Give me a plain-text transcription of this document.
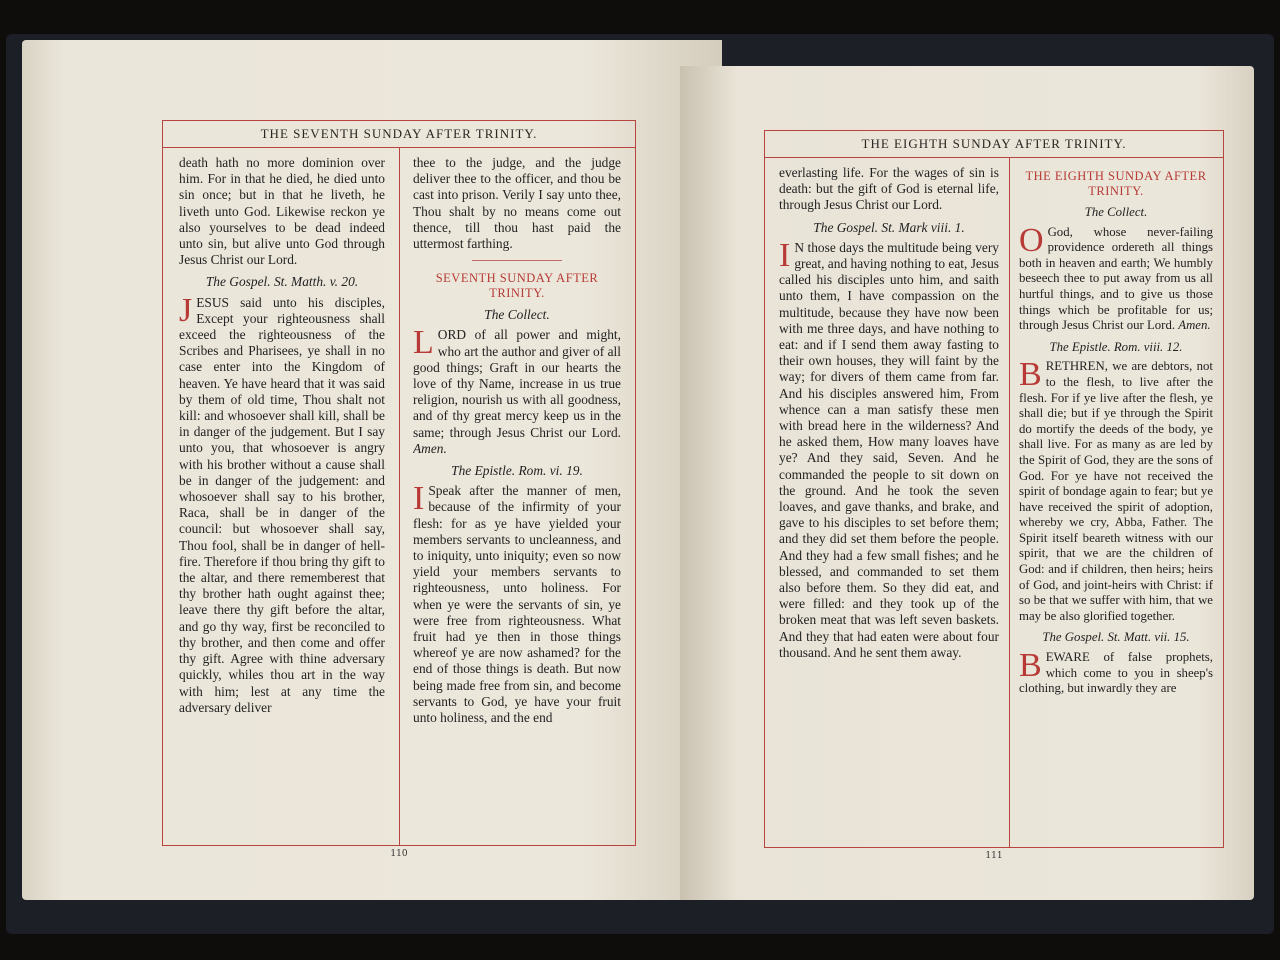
THE SEVENTH SUNDAY AFTER TRINITY.

death hath no more dominion over him. For in that he died, he died unto sin once; but in that he liveth, he liveth unto God. Likewise reckon ye also yourselves to be dead indeed unto sin, but alive unto God through Jesus Christ our Lord.

The Gospel. St. Matth. v. 20.

J ESUS said unto his disciples, Except your righteousness shall exceed the righteousness of the Scribes and Pharisees, ye shall in no case enter into the Kingdom of heaven. Ye have heard that it was said by them of old time, Thou shalt not kill: and whosoever shall kill, shall be in danger of the judgement. But I say unto you, that whosoever is angry with his brother without a cause shall be in danger of the judgement: and whosoever shall say to his brother, Raca, shall be in danger of the council: but whosoever shall say, Thou fool, shall be in danger of hell-fire. Therefore if thou bring thy gift to the altar, and there rememberest that thy brother hath ought against thee; leave there thy gift before the altar, and go thy way, first be reconciled to thy brother, and then come and offer thy gift. Agree with thine adversary quickly, whiles thou art in the way with him; lest at any time the adversary deliver

thee to the judge, and the judge deliver thee to the officer, and thou be cast into prison. Verily I say unto thee, Thou shalt by no means come out thence, till thou hast paid the uttermost farthing.

SEVENTH SUNDAY AFTER TRINITY.
The Collect.

L ORD of all power and might, who art the author and giver of all good things; Graft in our hearts the love of thy Name, increase in us true religion, nourish us with all goodness, and of thy great mercy keep us in the same; through Jesus Christ our Lord. Amen.

The Epistle. Rom. vi. 19.

I Speak after the manner of men, because of the infirmity of your flesh: for as ye have yielded your members servants to uncleanness, and to iniquity, unto iniquity; even so now yield your members servants to righteousness, unto holiness. For when ye were the servants of sin, ye were free from righteousness. What fruit had ye then in those things whereof ye are now ashamed? for the end of those things is death. But now being made free from sin, and become servants to God, ye have your fruit unto holiness, and the end

110
THE EIGHTH SUNDAY AFTER TRINITY.

everlasting life. For the wages of sin is death: but the gift of God is eternal life, through Jesus Christ our Lord.

The Gospel. St. Mark viii. 1.

I N those days the multitude being very great, and having nothing to eat, Jesus called his disciples unto him, and saith unto them, I have compassion on the multitude, because they have now been with me three days, and have nothing to eat: and if I send them away fasting to their own houses, they will faint by the way; for divers of them came from far. And his disciples answered him, From whence can a man satisfy these men with bread here in the wilderness? And he asked them, How many loaves have ye? And they said, Seven. And he commanded the people to sit down on the ground. And he took the seven loaves, and gave thanks, and brake, and gave to his disciples to set before them; and they did set them before the people. And they had a few small fishes; and he blessed, and commanded to set them also before them. So they did eat, and were filled: and they took up of the broken meat that was left seven baskets. And they that had eaten were about four thousand. And he sent them away.

THE EIGHTH SUNDAY AFTER TRINITY.
The Collect.

O God, whose never-failing providence ordereth all things both in heaven and earth; We humbly beseech thee to put away from us all hurtful things, and to give us those things which be profitable for us; through Jesus Christ our Lord. Amen.

The Epistle. Rom. viii. 12.

B RETHREN, we are debtors, not to the flesh, to live after the flesh. For if ye live after the flesh, ye shall die; but if ye through the Spirit do mortify the deeds of the body, ye shall live. For as many as are led by the Spirit of God, they are the sons of God. For ye have not received the spirit of bondage again to fear; but ye have received the spirit of adoption, whereby we cry, Abba, Father. The Spirit itself beareth witness with our spirit, that we are the children of God: and if children, then heirs; heirs of God, and joint-heirs with Christ: if so be that we suffer with him, that we may be also glorified together.

The Gospel. St. Matt. vii. 15.

B EWARE of false prophets, which come to you in sheep's clothing, but inwardly they are

111
